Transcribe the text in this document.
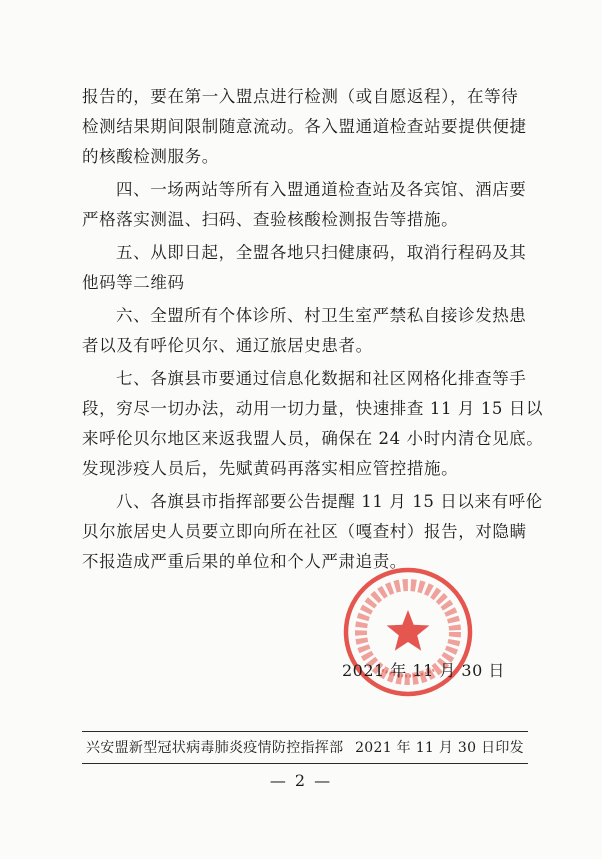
报告的，要在第一入盟点进行检测（或自愿返程），在等待
检测结果期间限制随意流动。各入盟通道检查站要提供便捷
的核酸检测服务。

四、一场两站等所有入盟通道检查站及各宾馆、酒店要
严格落实测温、扫码、查验核酸检测报告等措施。

五、从即日起，全盟各地只扫健康码，取消行程码及其
他码等二维码

六、全盟所有个体诊所、村卫生室严禁私自接诊发热患
者以及有呼伦贝尔、通辽旅居史患者。

七、各旗县市要通过信息化数据和社区网格化排查等手
段，穷尽一切办法，动用一切力量，快速排查 11 月 15 日以
来呼伦贝尔地区来返我盟人员，确保在 24 小时内清仓见底。
发现涉疫人员后，先赋黄码再落实相应管控措施。

八、各旗县市指挥部要公告提醒 11 月 15 日以来有呼伦
贝尔旅居史人员要立即向所在社区（嘎查村）报告，对隐瞒
不报造成严重后果的单位和个人严肃追责。

2021 年 11 月 30 日
兴安盟新型冠状病毒肺炎疫情防控指挥部 2021 年 11 月 30 日印发
— 2 —
